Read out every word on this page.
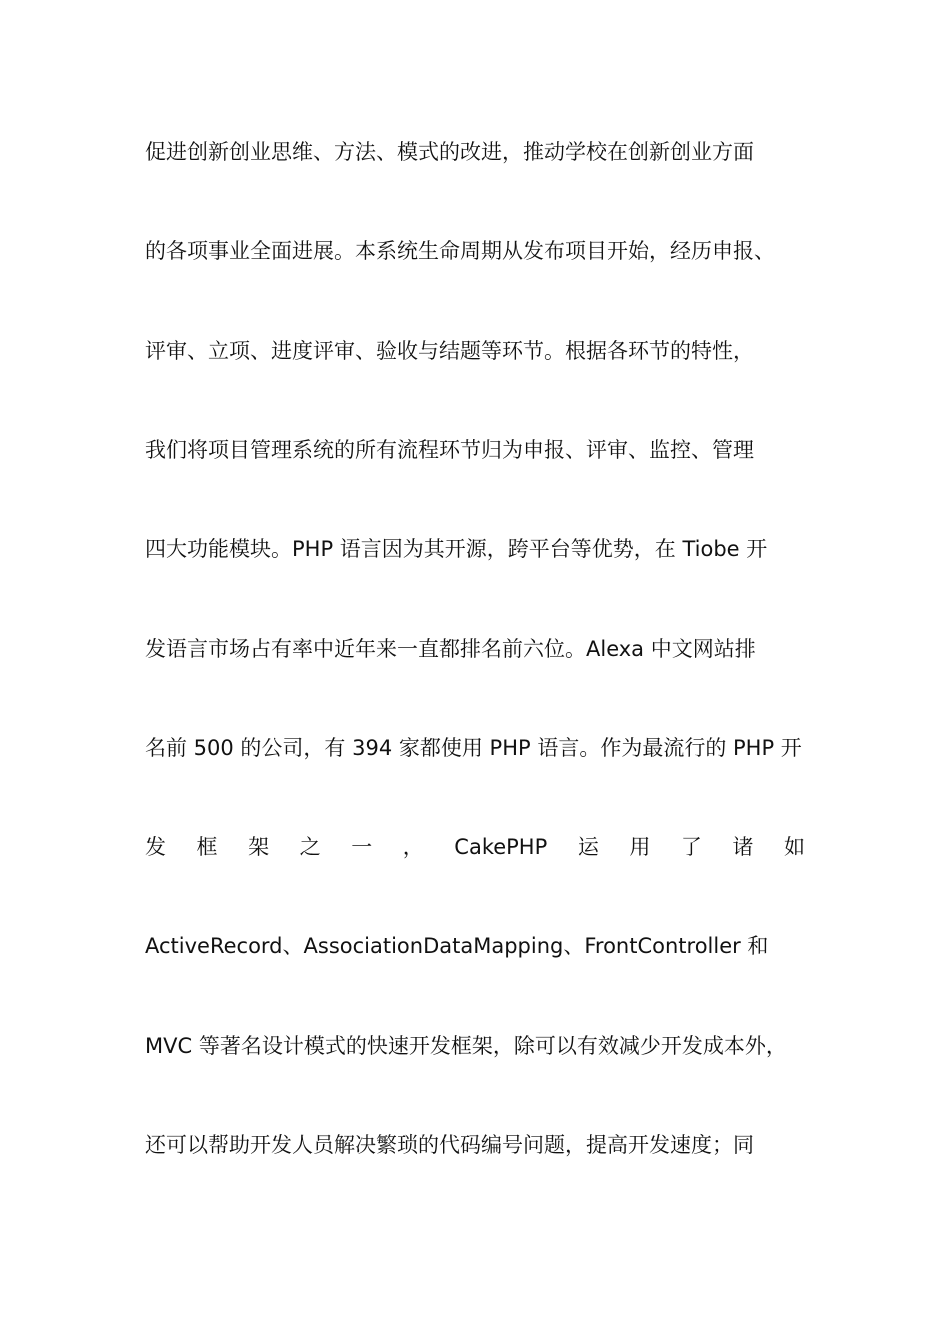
促进创新创业思维、方法、模式的改进，推动学校在创新创业方面
的各项事业全面进展。本系统生命周期从发布项目开始，经历申报、
评审、立项、进度评审、验收与结题等环节。根据各环节的特性，
我们将项目管理系统的所有流程环节归为申报、评审、监控、管理
四大功能模块。PHP 语言因为其开源，跨平台等优势，在 Tiobe 开
发语言市场占有率中近年来一直都排名前六位。Alexa 中文网站排
名前 500 的公司，有 394 家都使用 PHP 语言。作为最流行的 PHP 开
发 框 架 之 一 ， CakePHP 运 用 了 诸 如
ActiveRecord、AssociationDataMapping、FrontController 和
MVC 等著名设计模式的快速开发框架，除可以有效减少开发成本外，
还可以帮助开发人员解决繁琐的代码编号问题，提高开发速度；同
